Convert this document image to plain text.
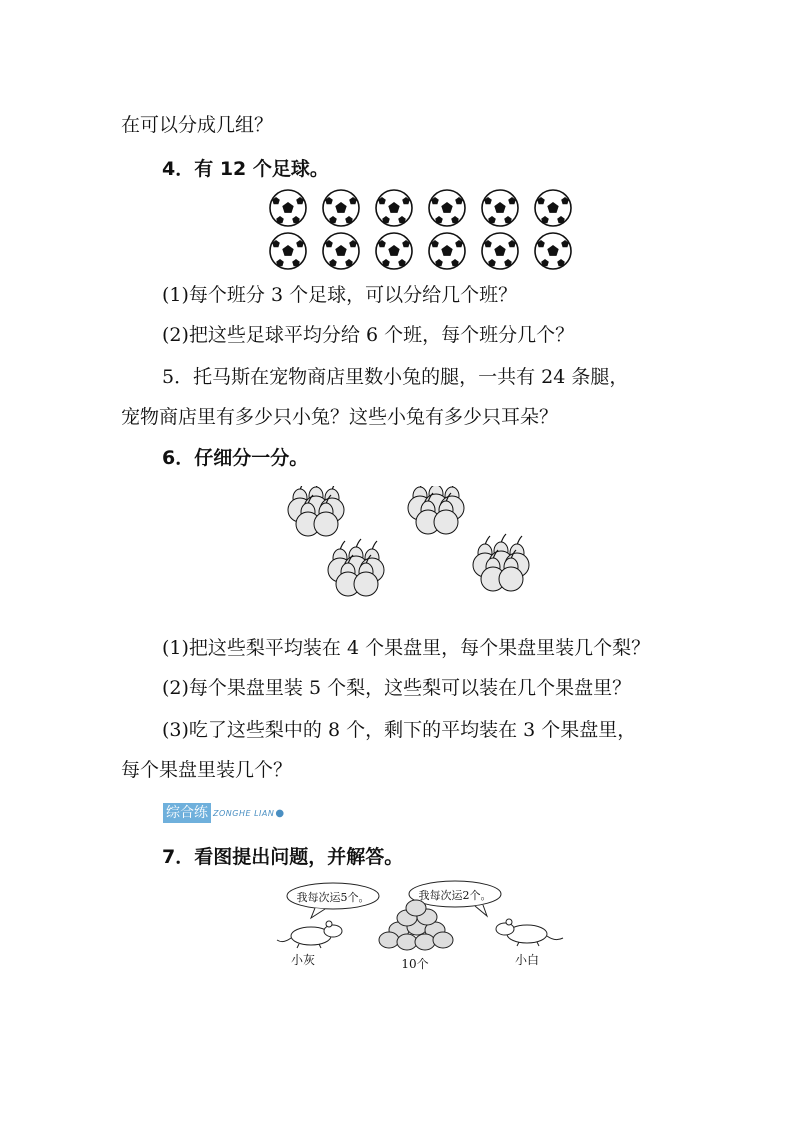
在可以分成几组？
4．有 12 个足球。
(1)每个班分 3 个足球，可以分给几个班？
(2)把这些足球平均分给 6 个班，每个班分几个？
5．托马斯在宠物商店里数小兔的腿，一共有 24 条腿，
宠物商店里有多少只小兔？这些小兔有多少只耳朵？
6．仔细分一分。
(1)把这些梨平均装在 4 个果盘里，每个果盘里装几个梨？
(2)每个果盘里装 5 个梨，这些梨可以装在几个果盘里？
(3)吃了这些梨中的 8 个，剩下的平均装在 3 个果盘里，
每个果盘里装几个？
综合练 ZONGHE LIAN ●
7．看图提出问题，并解答。
我每次运5个。	我每次运2个。
小灰	10个	小白
